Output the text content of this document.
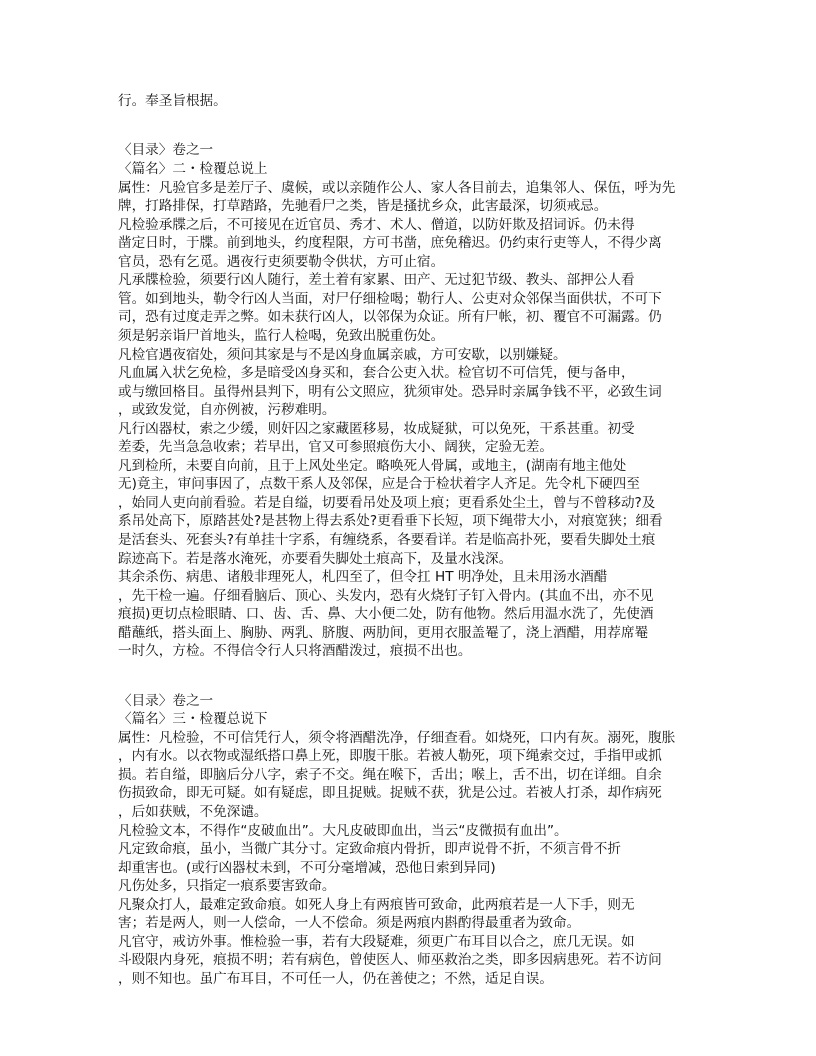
行。奉圣旨根据。
〈目录〉卷之一
〈篇名〉二・检覆总说上
属性：凡验官多是差厅子、虞候，或以亲随作公人、家人各目前去，追集邻人、保伍，呼为先
牌，打路排保，打草踏路，先驰看尸之类，皆是搔扰乡众，此害最深，切须戒忌。
凡检验承牒之后，不可接见在近官员、秀才、术人、僧道，以防奸欺及招词诉。仍未得
凿定日时，于牒。前到地头，约度程限，方可书凿，庶免稽迟。仍约束行吏等人，不得少离
官员，恐有乞觅。遇夜行吏须要勒令供状，方可止宿。
凡承牒检验，须要行凶人随行，差土着有家累、田产、无过犯节级、教头、部押公人看
管。如到地头，勒令行凶人当面，对尸仔细检喝；勒行人、公吏对众邻保当面供状，不可下
司，恐有过度走弄之弊。如未获行凶人，以邻保为众证。所有尸帐，初、覆官不可漏露。仍
须是躬亲诣尸首地头，监行人检喝，免致出脱重伤处。
凡检官遇夜宿处，须问其家是与不是凶身血属亲戚，方可安歇，以别嫌疑。
凡血属入状乞免检，多是暗受凶身买和，套合公吏入状。检官切不可信凭，便与备申，
或与缴回格目。虽得州县判下，明有公文照应，犹须审处。恐异时亲属争钱不平，必致生词
，或致发觉，自亦例被，污秽难明。
凡行凶器杖，索之少缓，则奸囚之家藏匿移易，妆成疑狱，可以免死，干系甚重。初受
差委，先当急急收索；若早出，官又可参照痕伤大小、阔狭，定验无差。
凡到检所，未要自向前，且于上风处坐定。略唤死人骨属，或地主，(湖南有地主他处
无)竟主，审问事因了，点数干系人及邻保，应是合于检状着字人齐足。先令札下硬四至
，始同人吏向前看验。若是自缢，切要看吊处及项上痕；更看系处尘土，曾与不曾移动?及
系吊处高下，原踏甚处?是甚物上得去系处?更看垂下长短，项下绳带大小，对痕宽狭；细看
是活套头、死套头?有单挂十字系，有缠绕系，各要看详。若是临高扑死，要看失脚处土痕
踪迹高下。若是落水淹死，亦要看失脚处土痕高下，及量水浅深。
其余杀伤、病患、诸般非理死人，札四至了，但令扛 HT 明净处，且未用汤水酒醋
，先干检一遍。仔细看脑后、顶心、头发内，恐有火烧钉子钉入骨内。(其血不出，亦不见
痕损)更切点检眼睛、口、齿、舌、鼻、大小便二处，防有他物。然后用温水洗了，先使酒
醋蘸纸，搭头面上、胸胁、两乳、脐腹、两肋间，更用衣服盖罨了，浇上酒醋，用荐席罨
一时久，方检。不得信令行人只将酒醋泼过，痕损不出也。
〈目录〉卷之一
〈篇名〉三・检覆总说下
属性：凡检验，不可信凭行人，须令将酒醋洗净，仔细查看。如烧死，口内有灰。溺死，腹胀
，内有水。以衣物或湿纸搭口鼻上死，即腹干胀。若被人勒死，项下绳索交过，手指甲或抓
损。若自缢，即脑后分八字，索子不交。绳在喉下，舌出；喉上，舌不出，切在详细。自余
伤损致命，即无可疑。如有疑虑，即且捉贼。捉贼不获，犹是公过。若被人打杀，却作病死
，后如获贼，不免深谴。
凡检验文本，不得作“皮破血出”。大凡皮破即血出，当云“皮微损有血出”。
凡定致命痕，虽小，当微广其分寸。定致命痕内骨折，即声说骨不折，不须言骨不折
却重害也。(或行凶器杖未到，不可分毫增减，恐他日索到异同)
凡伤处多，只指定一痕系要害致命。
凡聚众打人，最难定致命痕。如死人身上有两痕皆可致命，此两痕若是一人下手，则无
害；若是两人，则一人偿命，一人不偿命。须是两痕内斟酌得最重者为致命。
凡官守，戒访外事。惟检验一事，若有大段疑难，须更广布耳目以合之，庶几无误。如
斗殴限内身死，痕损不明；若有病色，曾使医人、师巫救治之类，即多因病患死。若不访问
，则不知也。虽广布耳目，不可任一人，仍在善使之；不然，适足自误。
